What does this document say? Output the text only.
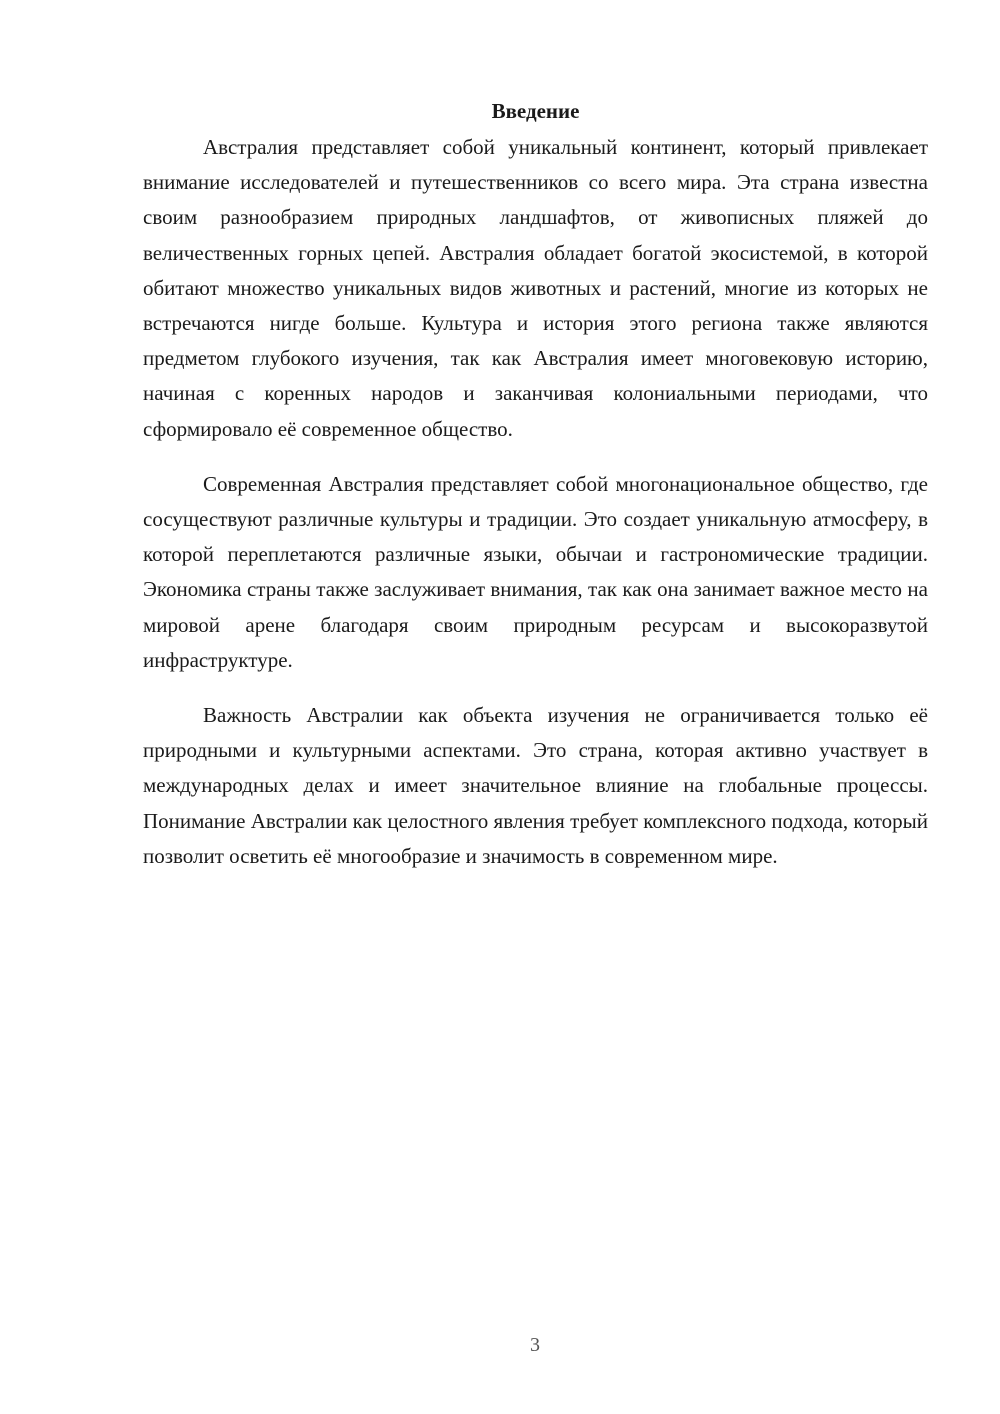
Введение

Австралия представляет собой уникальный континент, который привлекает внимание исследователей и путешественников со всего мира. Эта страна известна своим разнообразием природных ландшафтов, от живописных пляжей до величественных горных цепей. Австралия обладает богатой экосистемой, в которой обитают множество уникальных видов животных и растений, многие из которых не встречаются нигде больше. Культура и история этого региона также являются предметом глубокого изучения, так как Австралия имеет многовековую историю, начиная с коренных народов и заканчивая колониальными периодами, что сформировало её современное общество.

Современная Австралия представляет собой многонациональное общество, где сосуществуют различные культуры и традиции. Это создает уникальную атмосферу, в которой переплетаются различные языки, обычаи и гастрономические традиции. Экономика страны также заслуживает внимания, так как она занимает важное место на мировой арене благодаря своим природным ресурсам и высокоразвутой инфраструктуре.

Важность Австралии как объекта изучения не ограничивается только её природными и культурными аспектами. Это страна, которая активно участвует в международных делах и имеет значительное влияние на глобальные процессы. Понимание Австралии как целостного явления требует комплексного подхода, который позволит осветить её многообразие и значимость в современном мире.

3
